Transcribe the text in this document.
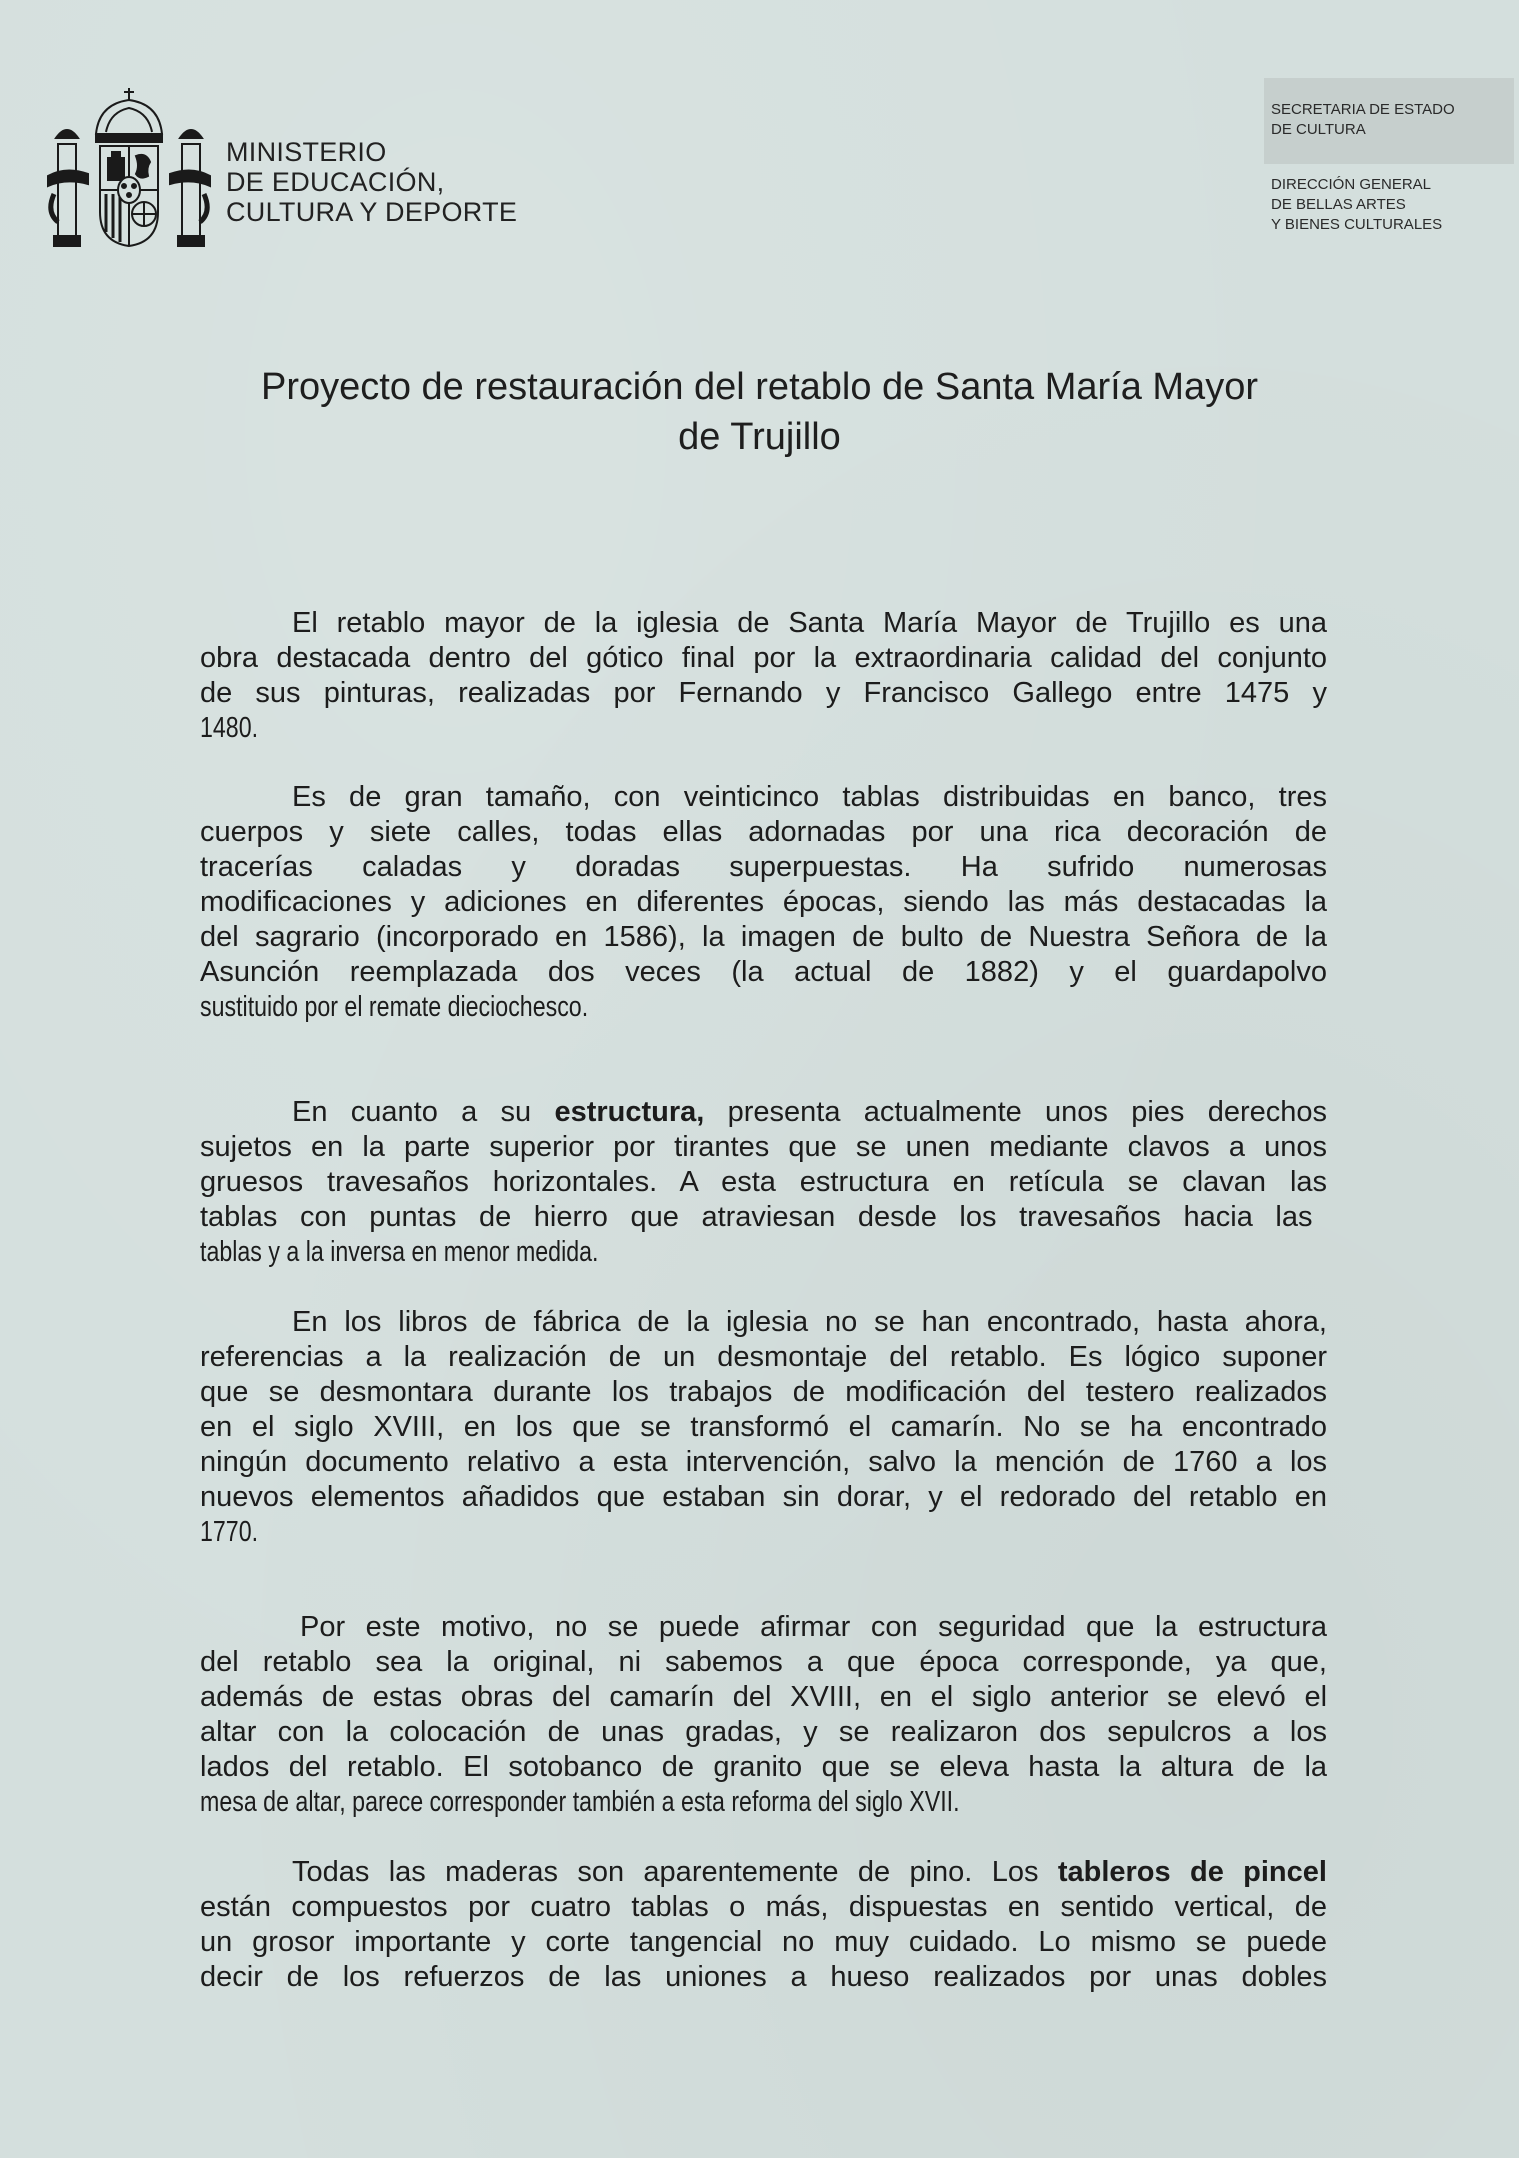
MINISTERIO
DE EDUCACIÓN,
CULTURA Y DEPORTE
SECRETARIA DE ESTADO
DE CULTURA
DIRECCIÓN GENERAL
DE BELLAS ARTES
Y BIENES CULTURALES
Proyecto de restauración del retablo de Santa María Mayor
de Trujillo
El retablo mayor de la iglesia de Santa María Mayor de Trujillo es una
obra destacada dentro del gótico final por la extraordinaria calidad del conjunto
de sus pinturas, realizadas por Fernando y Francisco Gallego entre 1475 y
1480.
Es de gran tamaño, con veinticinco tablas distribuidas en banco, tres
cuerpos y siete calles, todas ellas adornadas por una rica decoración de
tracerías caladas y doradas superpuestas. Ha sufrido numerosas
modificaciones y adiciones en diferentes épocas, siendo las más destacadas la
del sagrario (incorporado en 1586), la imagen de bulto de Nuestra Señora de la
Asunción reemplazada dos veces (la actual de 1882) y el guardapolvo
sustituido por el remate dieciochesco.
En cuanto a su estructura, presenta actualmente unos pies derechos
sujetos en la parte superior por tirantes que se unen mediante clavos a unos
gruesos travesaños horizontales. A esta estructura en retícula se clavan las
tablas con puntas de hierro que atraviesan desde los travesaños hacia las
tablas y a la inversa en menor medida.
En los libros de fábrica de la iglesia no se han encontrado, hasta ahora,
referencias a la realización de un desmontaje del retablo. Es lógico suponer
que se desmontara durante los trabajos de modificación del testero realizados
en el siglo XVIII, en los que se transformó el camarín. No se ha encontrado
ningún documento relativo a esta intervención, salvo la mención de 1760 a los
nuevos elementos añadidos que estaban sin dorar, y el redorado del retablo en
1770.
Por este motivo, no se puede afirmar con seguridad que la estructura
del retablo sea la original, ni sabemos a que época corresponde, ya que,
además de estas obras del camarín del XVIII, en el siglo anterior se elevó el
altar con la colocación de unas gradas, y se realizaron dos sepulcros a los
lados del retablo. El sotobanco de granito que se eleva hasta la altura de la
mesa de altar, parece corresponder también a esta reforma del siglo XVII.
Todas las maderas son aparentemente de pino. Los tableros de pincel
están compuestos por cuatro tablas o más, dispuestas en sentido vertical, de
un grosor importante y corte tangencial no muy cuidado. Lo mismo se puede
decir de los refuerzos de las uniones a hueso realizados por unas dobles
